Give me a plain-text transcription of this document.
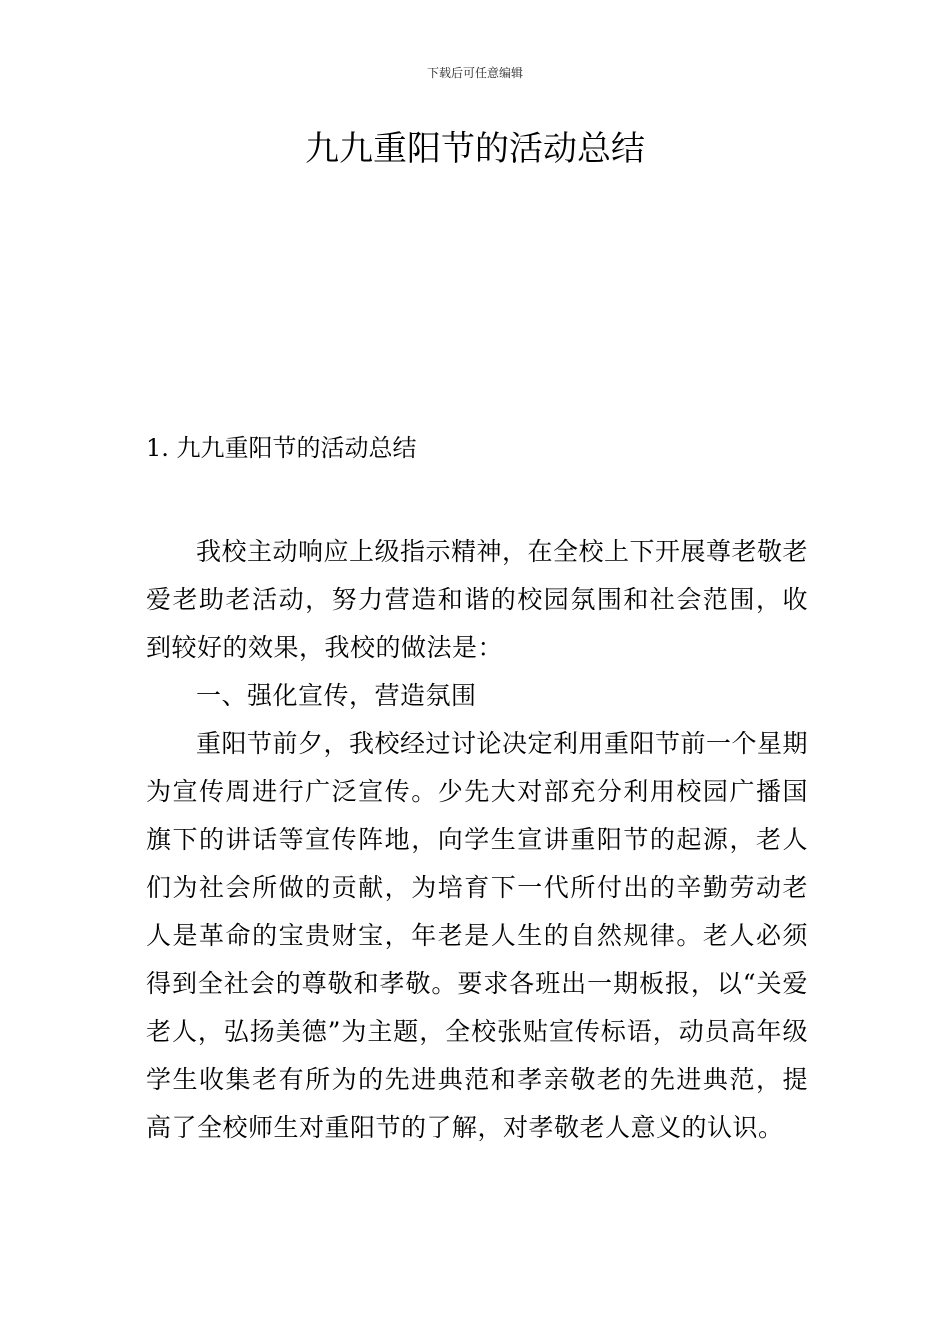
下载后可任意编辑
九九重阳节的活动总结
1. 九九重阳节的活动总结

我校主动响应上级指示精神，在全校上下开展尊老敬老爱老助老活动，努力营造和谐的校园氛围和社会范围，收到较好的效果，我校的做法是：

一、强化宣传，营造氛围

重阳节前夕，我校经过讨论决定利用重阳节前一个星期为宣传周进行广泛宣传。少先大对部充分利用校园广播国旗下的讲话等宣传阵地，向学生宣讲重阳节的起源，老人们为社会所做的贡献，为培育下一代所付出的辛勤劳动老人是革命的宝贵财宝，年老是人生的自然规律。老人必须得到全社会的尊敬和孝敬。要求各班出一期板报，以“关爱老人，弘扬美德”为主题，全校张贴宣传标语，动员高年级学生收集老有所为的先进典范和孝亲敬老的先进典范，提高了全校师生对重阳节的了解，对孝敬老人意义的认识。
